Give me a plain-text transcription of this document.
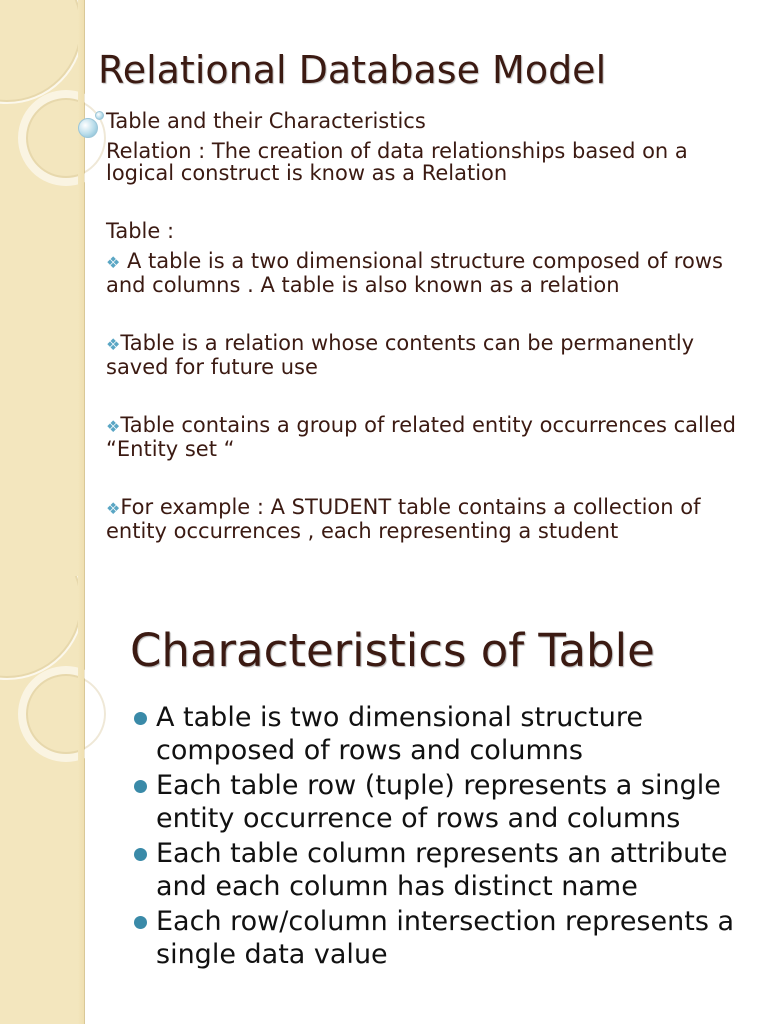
Relational Database Model

Table and their Characteristics

Relation : The creation of data relationships based on a logical construct is know as a Relation

Table :

❖ A table is a two dimensional structure composed of rows and columns . A table is also known as a relation

❖Table is a relation whose contents can be permanently saved for future use

❖Table contains a group of related entity occurrences called “Entity set “

❖For example : A STUDENT table contains a collection of entity occurrences , each representing a student

Characteristics of Table
A table is two dimensional structure composed of rows and columns
Each table row (tuple) represents a single entity occurrence of rows and columns
Each table column represents an attribute and each column has distinct name
Each row/column intersection represents a single data value
